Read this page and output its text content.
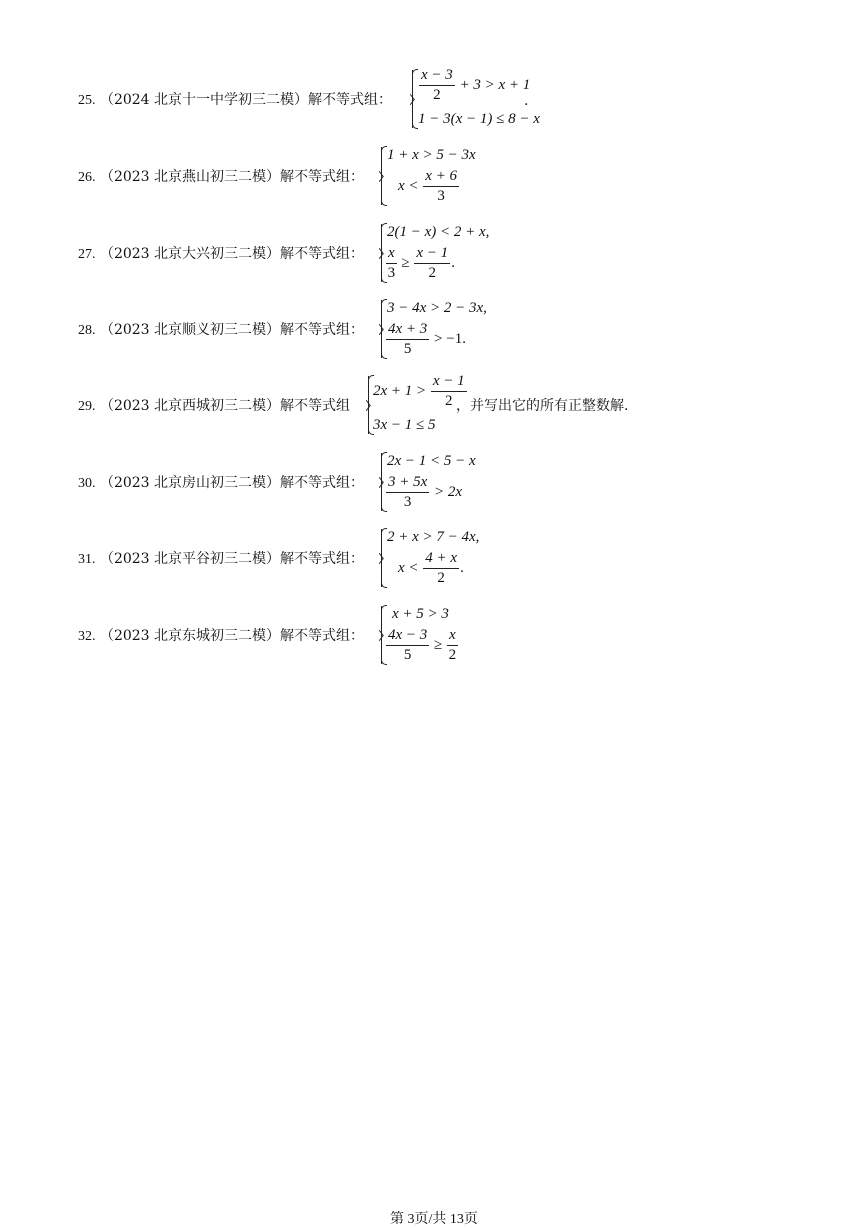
25. （2024 北京十一中学初三二模）解不等式组： $\frac{x - 3}{2} + 3 > x + 1$
1 − 3(x − 1) ≤ 8 − x
.
26. （2023 北京燕山初三二模）解不等式组：
1 + x > 5 − 3x
$x < \frac{x + 6}{3}$
27. （2023 北京大兴初三二模）解不等式组：
2(1 − x) < 2 + x,
$\frac{x}{3} \ge \frac{x - 1}{2}$ .
28. （2023 北京顺义初三二模）解不等式组：
3 − 4x > 2 − 3x,
$\frac{4x + 3}{5} > -1$.
29. （2023 北京西城初三二模）解不等式组
$2x + 1 > \frac{x - 1}{2}$
3x − 1 ≤ 5
，并写出它的所有正整数解.
30. （2023 北京房山初三二模）解不等式组：
2x − 1 < 5 − x
$\frac{3 + 5x}{3} > 2x$
31. （2023 北京平谷初三二模）解不等式组：
2 + x > 7 − 4x,
$x < \frac{4 + x}{2}$ .
32. （2023 北京东城初三二模）解不等式组：
x + 5 > 3
$\frac{4x - 3}{5} \ge \frac{x}{2}$
第 3页/共 13页
